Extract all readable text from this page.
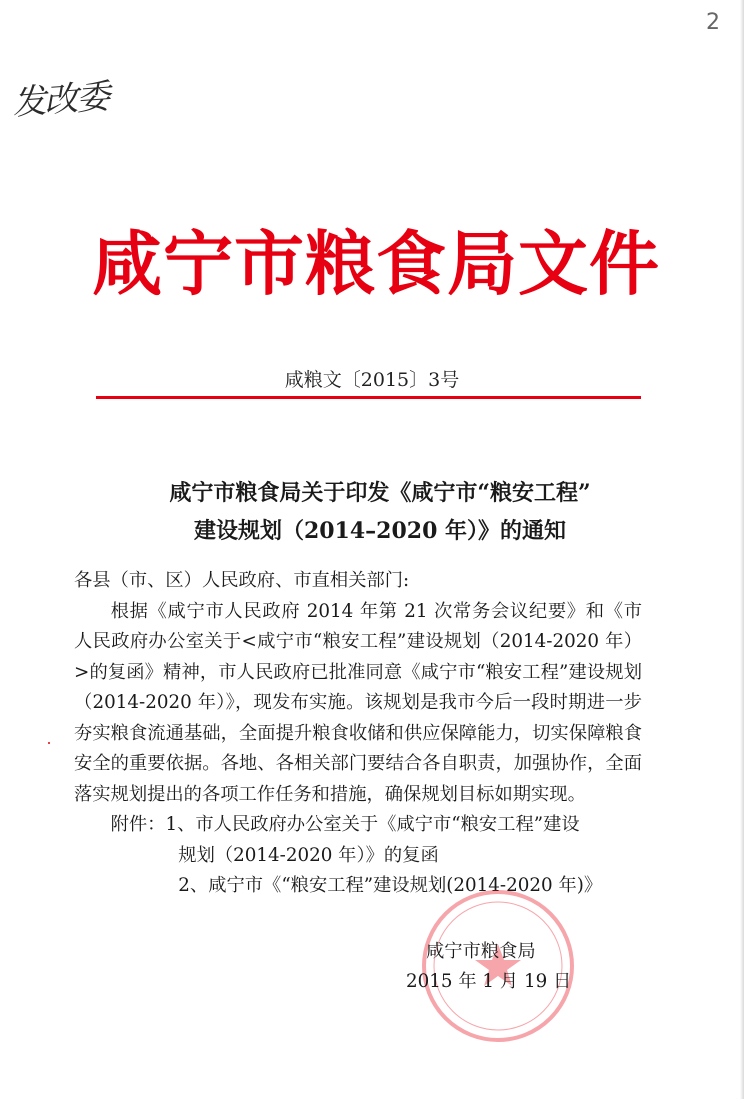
2
发改委
咸宁市粮食局文件
咸粮文〔2015〕3号
咸宁市粮食局关于印发《咸宁市“粮安工程”
建设规划（2014–2020 年）》的通知

各县（市、区）人民政府、市直相关部门:

根据《咸宁市人民政府 2014 年第 21 次常务会议纪要》和《市人民政府办公室关于<咸宁市“粮安工程”建设规划（2014-2020 年）>的复函》精神，市人民政府已批准同意《咸宁市“粮安工程”建设规划（2014-2020 年）》，现发布实施。该规划是我市今后一段时期进一步夯实粮食流通基础，全面提升粮食收储和供应保障能力，切实保障粮食安全的重要依据。各地、各相关部门要结合各自职责，加强协作，全面落实规划提出的各项工作任务和措施，确保规划目标如期实现。

附件：1、市人民政府办公室关于《咸宁市“粮安工程”建设

规划（2014-2020 年）》的复函

2、咸宁市《“粮安工程”建设规划(2014-2020 年)》

咸宁市粮食局
2015 年 1 月 19 日
